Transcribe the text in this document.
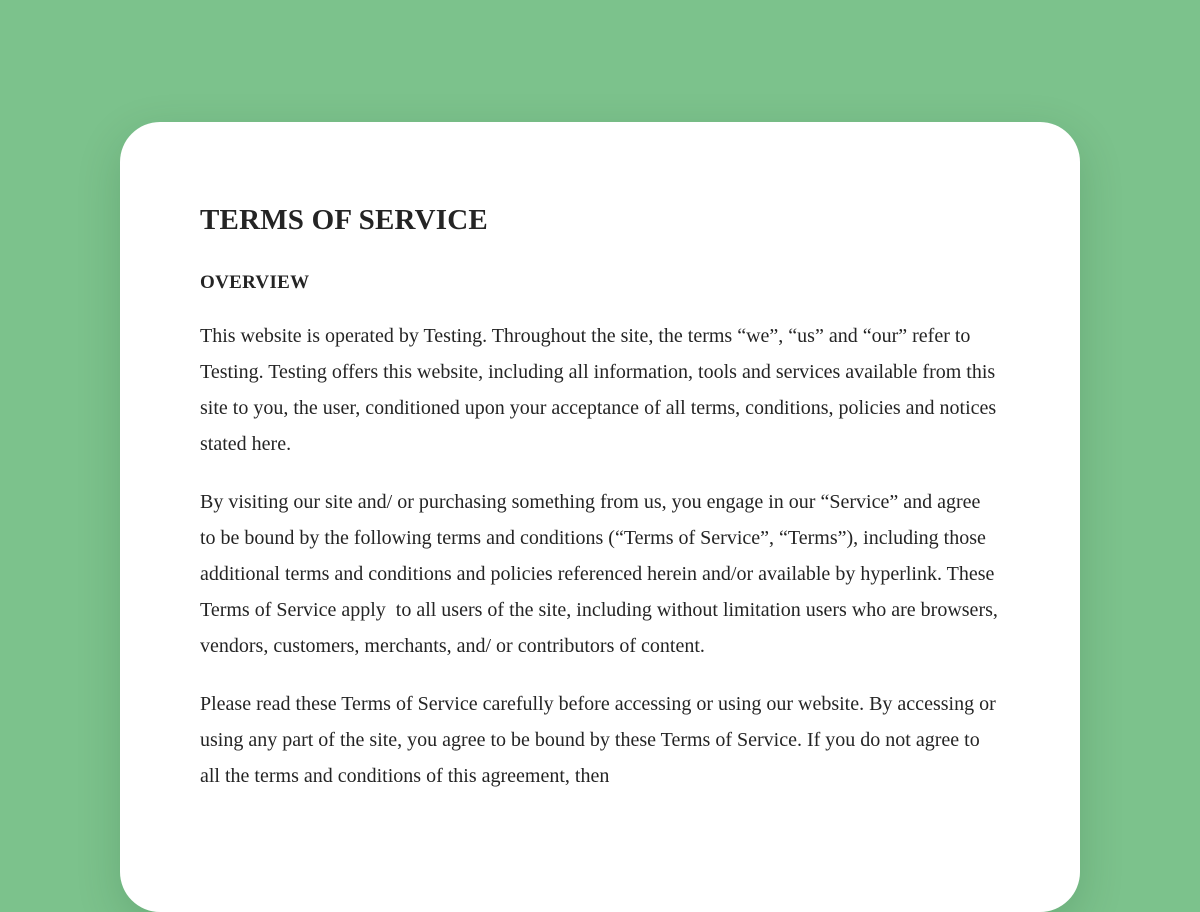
TERMS OF SERVICE
OVERVIEW

This website is operated by Testing. Throughout the site, the terms “we”, “us” and “our” refer to Testing. Testing offers this website, including all information, tools and services available from this site to you, the user, conditioned upon your acceptance of all terms, conditions, policies and notices stated here.

By visiting our site and/ or purchasing something from us, you engage in our “Service” and agree to be bound by the following terms and conditions (“Terms of Service”, “Terms”), including those additional terms and conditions and policies referenced herein and/or available by hyperlink. These Terms of Service apply  to all users of the site, including without limitation users who are browsers, vendors, customers, merchants, and/ or contributors of content.

Please read these Terms of Service carefully before accessing or using our website. By accessing or using any part of the site, you agree to be bound by these Terms of Service. If you do not agree to all the terms and conditions of this agreement, then
